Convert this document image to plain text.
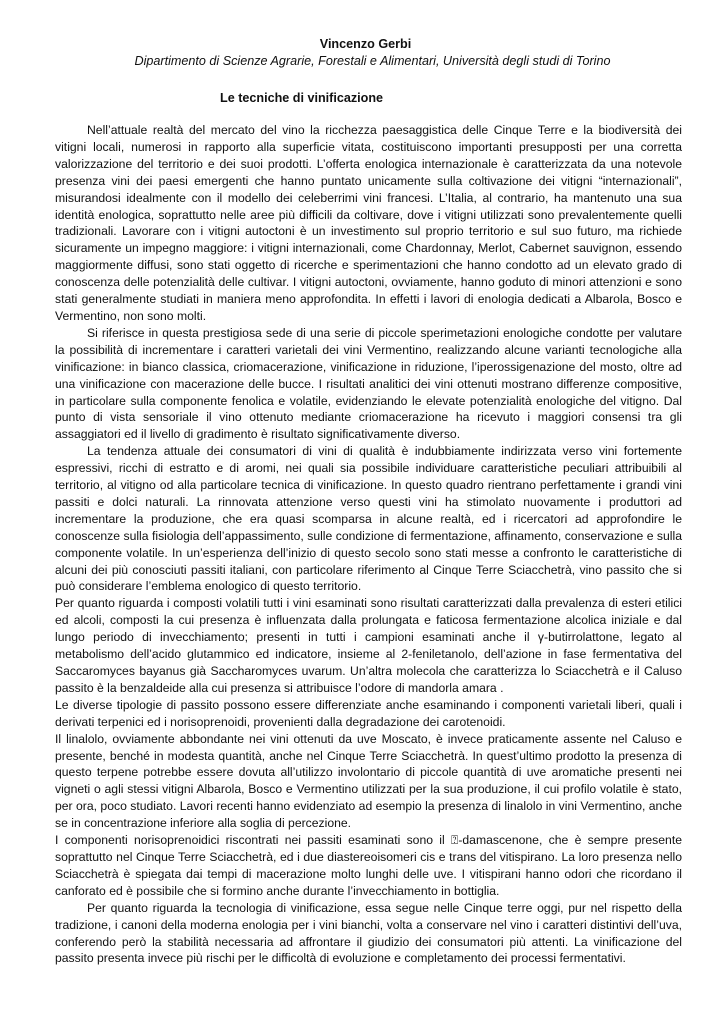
Vincenzo Gerbi
Dipartimento di Scienze Agrarie, Forestali e Alimentari, Università degli studi di Torino
Le tecniche di vinificazione

Nell’attuale realtà del mercato del vino la ricchezza paesaggistica delle Cinque Terre e la biodiversità dei vitigni locali, numerosi in rapporto alla superficie vitata, costituiscono importanti presupposti per una corretta valorizzazione del territorio e dei suoi prodotti. L’offerta enologica internazionale è caratterizzata da una notevole presenza vini dei paesi emergenti che hanno puntato unicamente sulla coltivazione dei vitigni “internazionali”, misurandosi idealmente con il modello dei celeberrimi vini francesi. L’Italia, al contrario, ha mantenuto una sua identità enologica, soprattutto nelle aree più difficili da coltivare, dove i vitigni utilizzati sono prevalentemente quelli tradizionali. Lavorare con i vitigni autoctoni è un investimento sul proprio territorio e sul suo futuro, ma richiede sicuramente un impegno maggiore: i vitigni internazionali, come Chardonnay, Merlot, Cabernet sauvignon, essendo maggiormente diffusi, sono stati oggetto di ricerche e sperimentazioni che hanno condotto ad un elevato grado di conoscenza delle potenzialità delle cultivar. I vitigni autoctoni, ovviamente, hanno goduto di minori attenzioni e sono stati generalmente studiati in maniera meno approfondita. In effetti i lavori di enologia dedicati a Albarola, Bosco e Vermentino, non sono molti.

Si riferisce in questa prestigiosa sede di una serie di piccole sperimetazioni enologiche condotte per valutare la possibilità di incrementare i caratteri varietali dei vini Vermentino, realizzando alcune varianti tecnologiche alla vinificazione: in bianco classica, criomacerazione, vinificazione in riduzione, l’iperossigenazione del mosto, oltre ad una vinificazione con macerazione delle bucce. I risultati analitici dei vini ottenuti mostrano differenze compositive, in particolare sulla componente fenolica e volatile, evidenziando le elevate potenzialità enologiche del vitigno. Dal punto di vista sensoriale il vino ottenuto mediante criomacerazione ha ricevuto i maggiori consensi tra gli assaggiatori ed il livello di gradimento è risultato significativamente diverso.

La tendenza attuale dei consumatori di vini di qualità è indubbiamente indirizzata verso vini fortemente espressivi, ricchi di estratto e di aromi, nei quali sia possibile individuare caratteristiche peculiari attribuibili al territorio, al vitigno od alla particolare tecnica di vinificazione. In questo quadro rientrano perfettamente i grandi vini passiti e dolci naturali. La rinnovata attenzione verso questi vini ha stimolato nuovamente i produttori ad incrementare la produzione, che era quasi scomparsa in alcune realtà, ed i ricercatori ad approfondire le conoscenze sulla fisiologia dell’appassimento, sulle condizione di fermentazione, affinamento, conservazione e sulla componente volatile. In un’esperienza dell’inizio di questo secolo sono stati messe a confronto le caratteristiche di alcuni dei più conosciuti passiti italiani, con particolare riferimento al Cinque Terre Sciacchetrà, vino passito che si può considerare l’emblema enologico di questo territorio.

Per quanto riguarda i composti volatili tutti i vini esaminati sono risultati caratterizzati dalla prevalenza di esteri etilici ed alcoli, composti la cui presenza è influenzata dalla prolungata e faticosa fermentazione alcolica iniziale e dal lungo periodo di invecchiamento; presenti in tutti i campioni esaminati anche il γ-butirrolattone, legato al metabolismo dell’acido glutammico ed indicatore, insieme al 2-feniletanolo, dell’azione in fase fermentativa del Saccaromyces bayanus già Saccharomyces uvarum. Un’altra molecola che caratterizza lo Sciacchetrà e il Caluso passito è la benzaldeide alla cui presenza si attribuisce l’odore di mandorla amara .

Le diverse tipologie di passito possono essere differenziate anche esaminando i componenti varietali liberi, quali i derivati terpenici ed i norisoprenoidi, provenienti dalla degradazione dei carotenoidi.

Il linalolo, ovviamente abbondante nei vini ottenuti da uve Moscato, è invece praticamente assente nel Caluso e presente, benché in modesta quantità, anche nel Cinque Terre Sciacchetrà. In quest’ultimo prodotto la presenza di questo terpene potrebbe essere dovuta all’utilizzo involontario di piccole quantità di uve aromatiche presenti nei vigneti o agli stessi vitigni Albarola, Bosco e Vermentino utilizzati per la sua produzione, il cui profilo volatile è stato, per ora, poco studiato. Lavori recenti hanno evidenziato ad esempio la presenza di linalolo in vini Vermentino, anche se in concentrazione inferiore alla soglia di percezione.

I componenti norisoprenoidici riscontrati nei passiti esaminati sono il ⍰-damascenone, che è sempre presente soprattutto nel Cinque Terre Sciacchetrà, ed i due diastereoisomeri cis e trans del vitispirano. La loro presenza nello Sciacchetrà è spiegata dai tempi di macerazione molto lunghi delle uve. I vitispirani hanno odori che ricordano il canforato ed è possibile che si formino anche durante l’invecchiamento in bottiglia.

Per quanto riguarda la tecnologia di vinificazione, essa segue nelle Cinque terre oggi, pur nel rispetto della tradizione, i canoni della moderna enologia per i vini bianchi, volta a conservare nel vino i caratteri distintivi dell’uva, conferendo però la stabilità necessaria ad affrontare il giudizio dei consumatori più attenti. La vinificazione del passito presenta invece più rischi per le difficoltà di evoluzione e completamento dei processi fermentativi.
